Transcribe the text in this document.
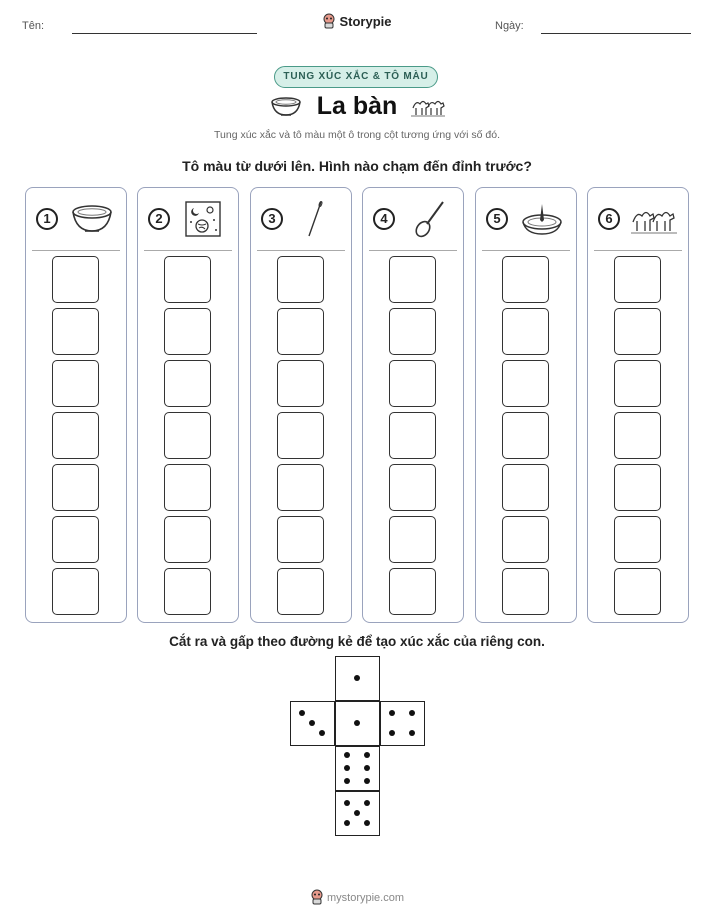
Tên:	Storypie	Ngày:
TUNG XÚC XẮC & TÔ MÀU
La bàn
Tung xúc xắc và tô màu một ô trong cột tương ứng với số đó.
Tô màu từ dưới lên. Hình nào chạm đến đỉnh trước?
1	2	3	4	5	6
Cắt ra và gấp theo đường kẻ để tạo xúc xắc của riêng con.
mystorypie.com
